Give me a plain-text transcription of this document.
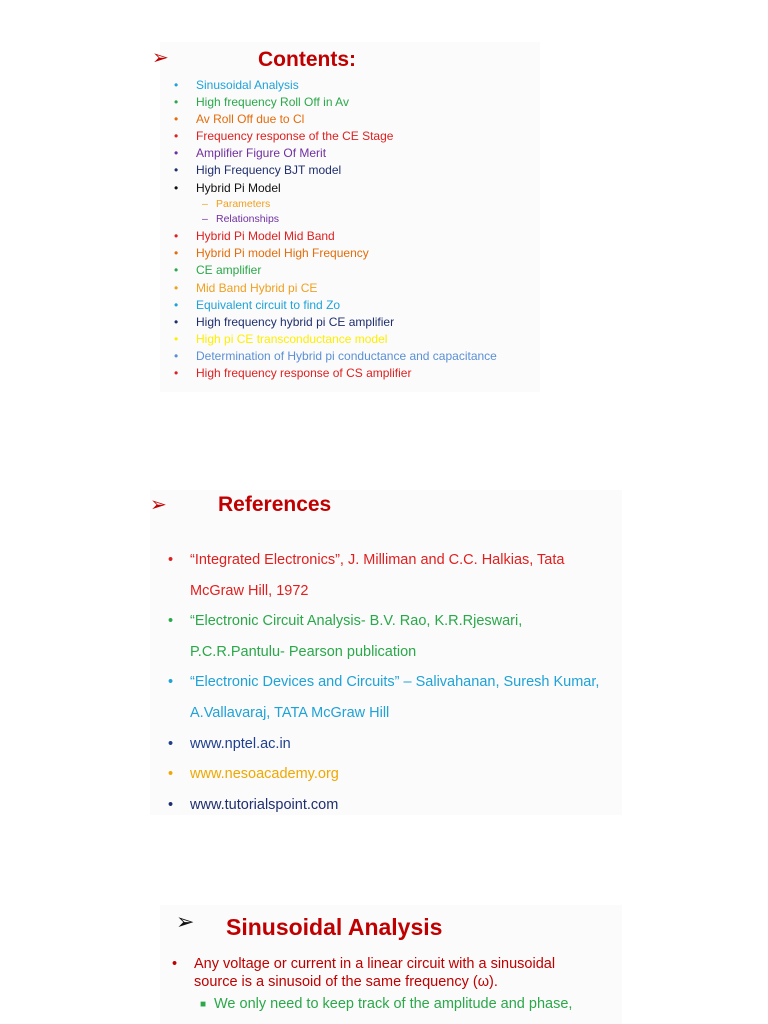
➢	Contents:
• Sinusoidal Analysis
• High frequency Roll Off in Av
• Av Roll Off due to Cl
• Frequency response of the CE Stage
• Amplifier Figure Of Merit
• High Frequency BJT model
• Hybrid Pi Model
– Parameters
– Relationships
• Hybrid Pi Model Mid Band
• Hybrid Pi model High Frequency
• CE amplifier
• Mid Band Hybrid pi CE
• Equivalent circuit to find Zo
• High frequency hybrid pi CE amplifier
• High pi CE transconductance model
• Determination of Hybrid pi conductance and capacitance
• High frequency response of CS amplifier
➢ References
• “Integrated Electronics”, J. Milliman and C.C. Halkias, Tata
McGraw Hill, 1972
• “Electronic Circuit Analysis- B.V. Rao, K.R.Rjeswari,
P.C.R.Pantulu- Pearson publication
• “Electronic Devices and Circuits” – Salivahanan, Suresh Kumar,
A.Vallavaraj, TATA McGraw Hill
• www.nptel.ac.in
• www.nesoacademy.org
• www.tutorialspoint.com
➢ Sinusoidal Analysis
• Any voltage or current in a linear circuit with a sinusoidal
source is a sinusoid of the same frequency (ω).
■ We only need to keep track of the amplitude and phase,
